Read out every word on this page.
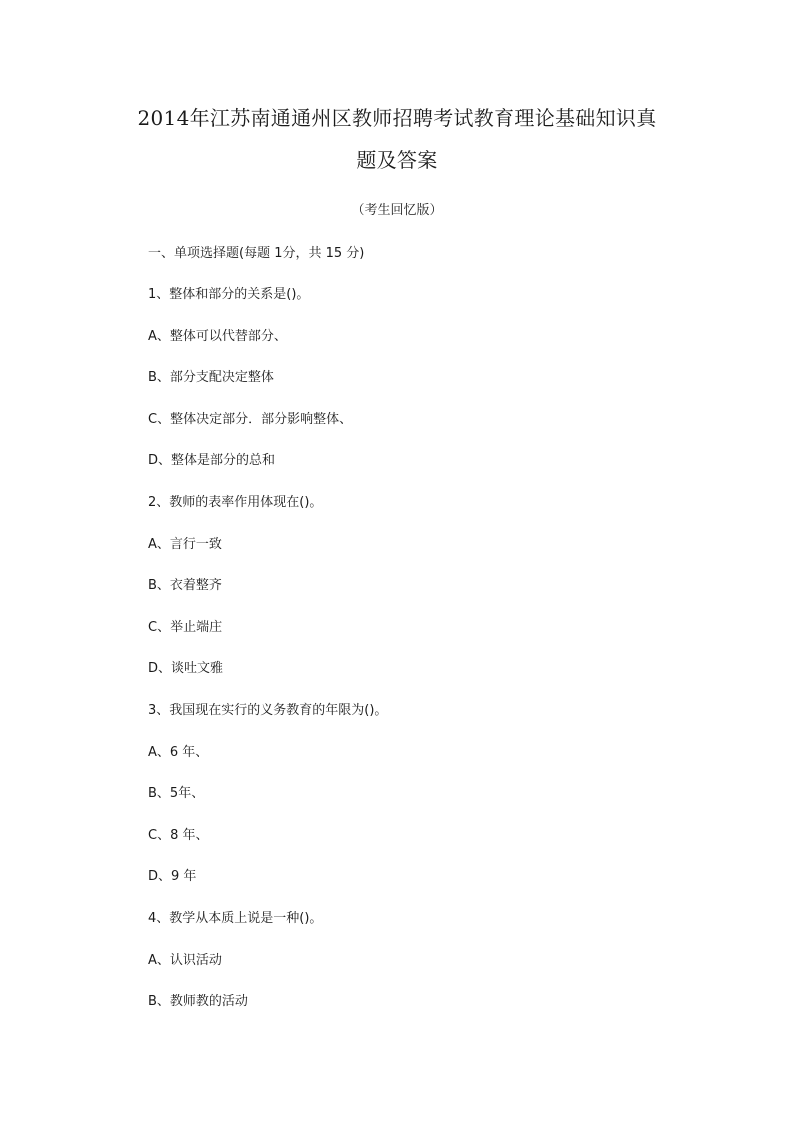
2014年江苏南通通州区教师招聘考试教育理论基础知识真
题及答案
（考生回忆版）
一、单项选择题(每题 1分，共 15 分)
1、整体和部分的关系是()。
A、整体可以代替部分、
B、部分支配决定整体
C、整体决定部分．部分影响整体、
D、整体是部分的总和
2、教师的表率作用体现在()。
A、言行一致
B、衣着整齐
C、举止端庄
D、谈吐文雅
3、我国现在实行的义务教育的年限为()。
A、6 年、
B、5年、
C、8 年、
D、9 年
4、教学从本质上说是一种()。
A、认识活动
B、教师教的活动
